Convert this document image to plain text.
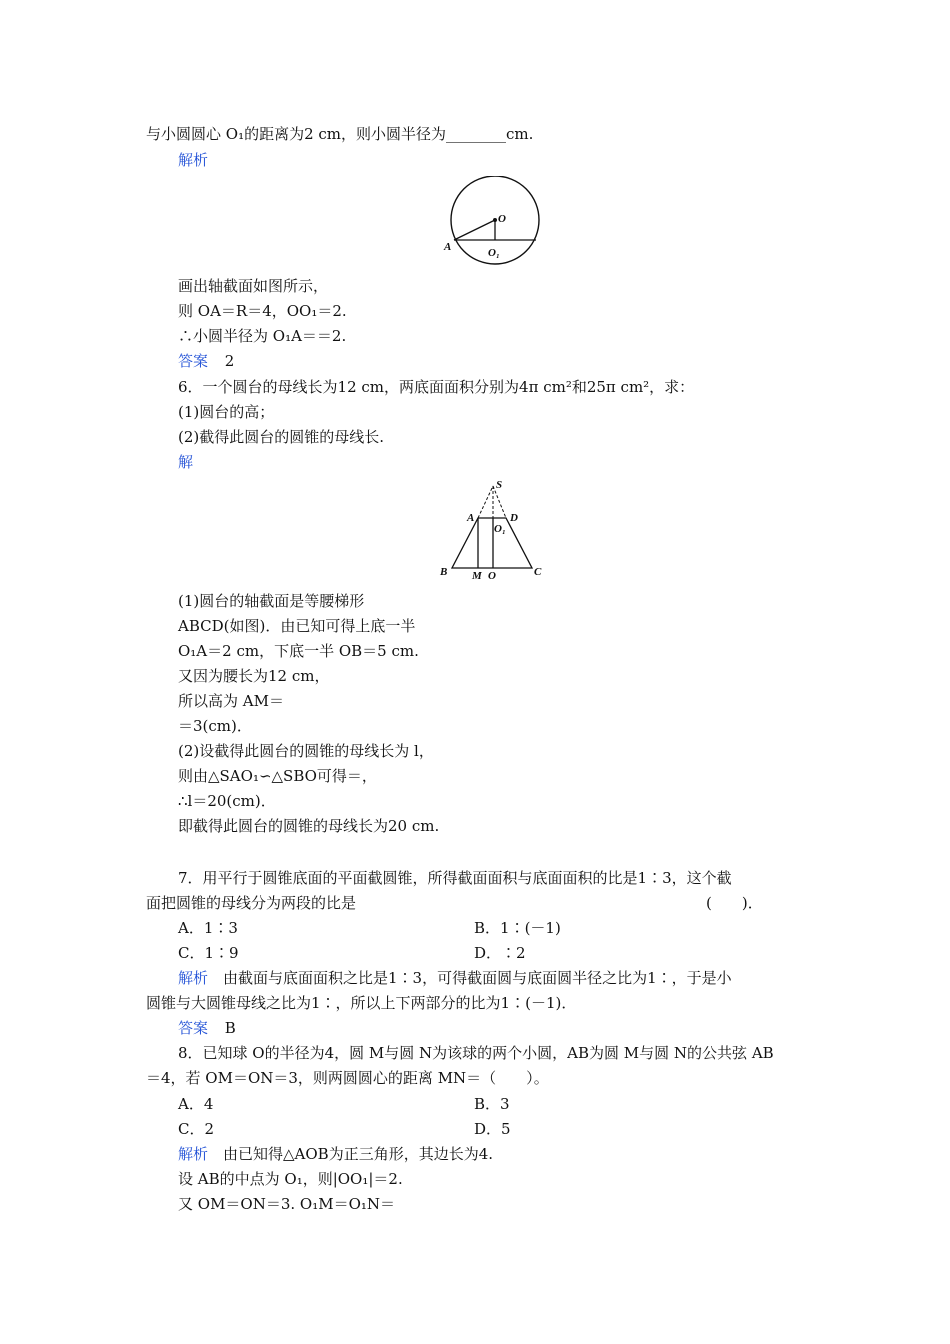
与小圆圆心 O₁的距离为2 cm，则小圆半径为________cm.
解析
O
A	O₁
画出轴截面如图所示，
则 OA＝R＝4，OO₁＝2.
∴小圆半径为 O₁A＝＝2.
答案 2
6．一个圆台的母线长为12 cm，两底面面积分别为4π cm²和25π cm²，求：
(1)圆台的高；
(2)截得此圆台的圆锥的母线长.
解
S
A	D
O₁
B M O	C
(1)圆台的轴截面是等腰梯形
ABCD(如图)．由已知可得上底一半
O₁A＝2 cm，下底一半 OB＝5 cm.
又因为腰长为12 cm，
所以高为 AM＝
＝3(cm)．
(2)设截得此圆台的圆锥的母线长为 l，
则由△SAO₁∽△SBO可得＝，
∴l＝20(cm)．
即截得此圆台的圆锥的母线长为20 cm.
7．用平行于圆锥底面的平面截圆锥，所得截面面积与底面面积的比是1∶3，这个截
面把圆锥的母线分为两段的比是	(　　)．
A．1∶3	B．1∶(－1)
C．1∶9	D．∶2
解析　由截面与底面面积之比是1∶3，可得截面圆与底面圆半径之比为1∶，于是小
圆锥与大圆锥母线之比为1∶，所以上下两部分的比为1∶(－1)．
答案 B
8．已知球 O的半径为4，圆 M与圆 N为该球的两个小圆，AB为圆 M与圆 N的公共弦 AB
＝4，若 OM＝ON＝3，则两圆圆心的距离 MN＝（　　）。
A．4	B．3
C．2	D．5
解析　由已知得△AOB为正三角形，其边长为4.
设 AB的中点为 O₁，则|OO₁|＝2.
又 OM＝ON＝3. O₁M＝O₁N＝
